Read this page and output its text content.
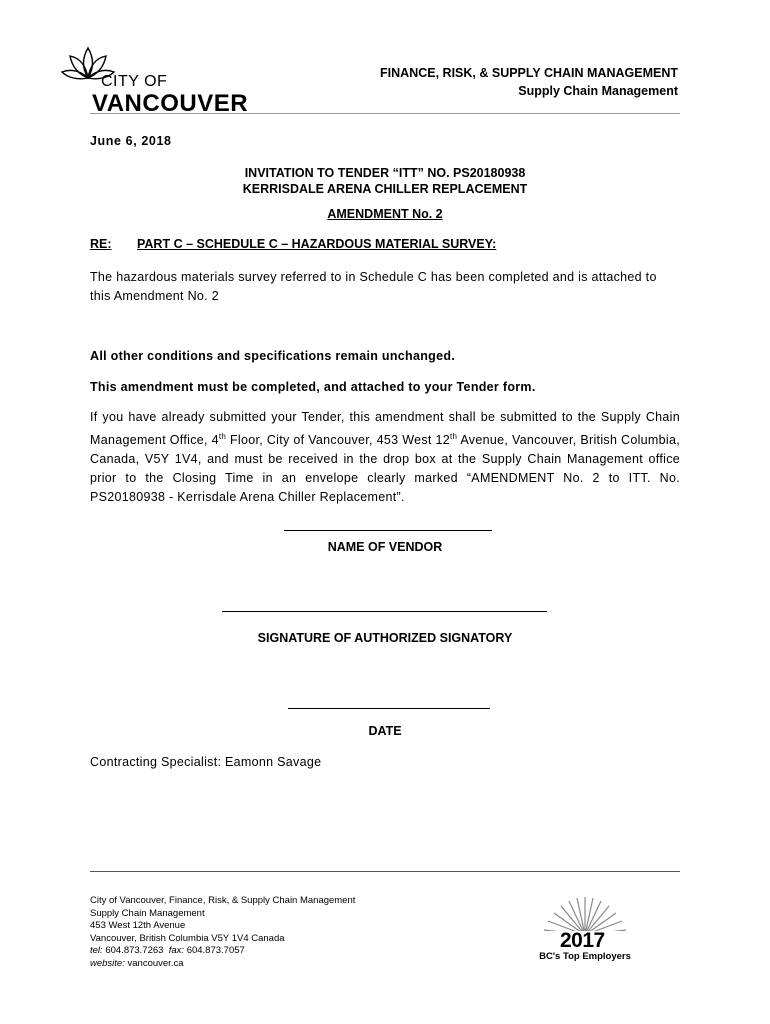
CITY OF
VANCOUVER
FINANCE, RISK, & SUPPLY CHAIN MANAGEMENT
Supply Chain Management
June 6, 2018
INVITATION TO TENDER “ITT” NO. PS20180938
KERRISDALE ARENA CHILLER REPLACEMENT
AMENDMENT No. 2
RE: PART C – SCHEDULE C – HAZARDOUS MATERIAL SURVEY:
The hazardous materials survey referred to in Schedule C has been completed and is attached to this Amendment No. 2
All other conditions and specifications remain unchanged.
This amendment must be completed, and attached to your Tender form.
If you have already submitted your Tender, this amendment shall be submitted to the Supply Chain Management Office, 4th Floor, City of Vancouver, 453 West 12th Avenue, Vancouver, British Columbia, Canada, V5Y 1V4, and must be received in the drop box at the Supply Chain Management office prior to the Closing Time in an envelope clearly marked “AMENDMENT No. 2 to ITT. No. PS20180938 - Kerrisdale Arena Chiller Replacement”.
NAME OF VENDOR
SIGNATURE OF AUTHORIZED SIGNATORY
DATE
Contracting Specialist: Eamonn Savage
City of Vancouver, Finance, Risk, & Supply Chain Management
Supply Chain Management
453 West 12th Avenue
Vancouver, British Columbia V5Y 1V4 Canada
tel: 604.873.7263 fax: 604.873.7057
website: vancouver.ca
2017
BC's Top Employers
